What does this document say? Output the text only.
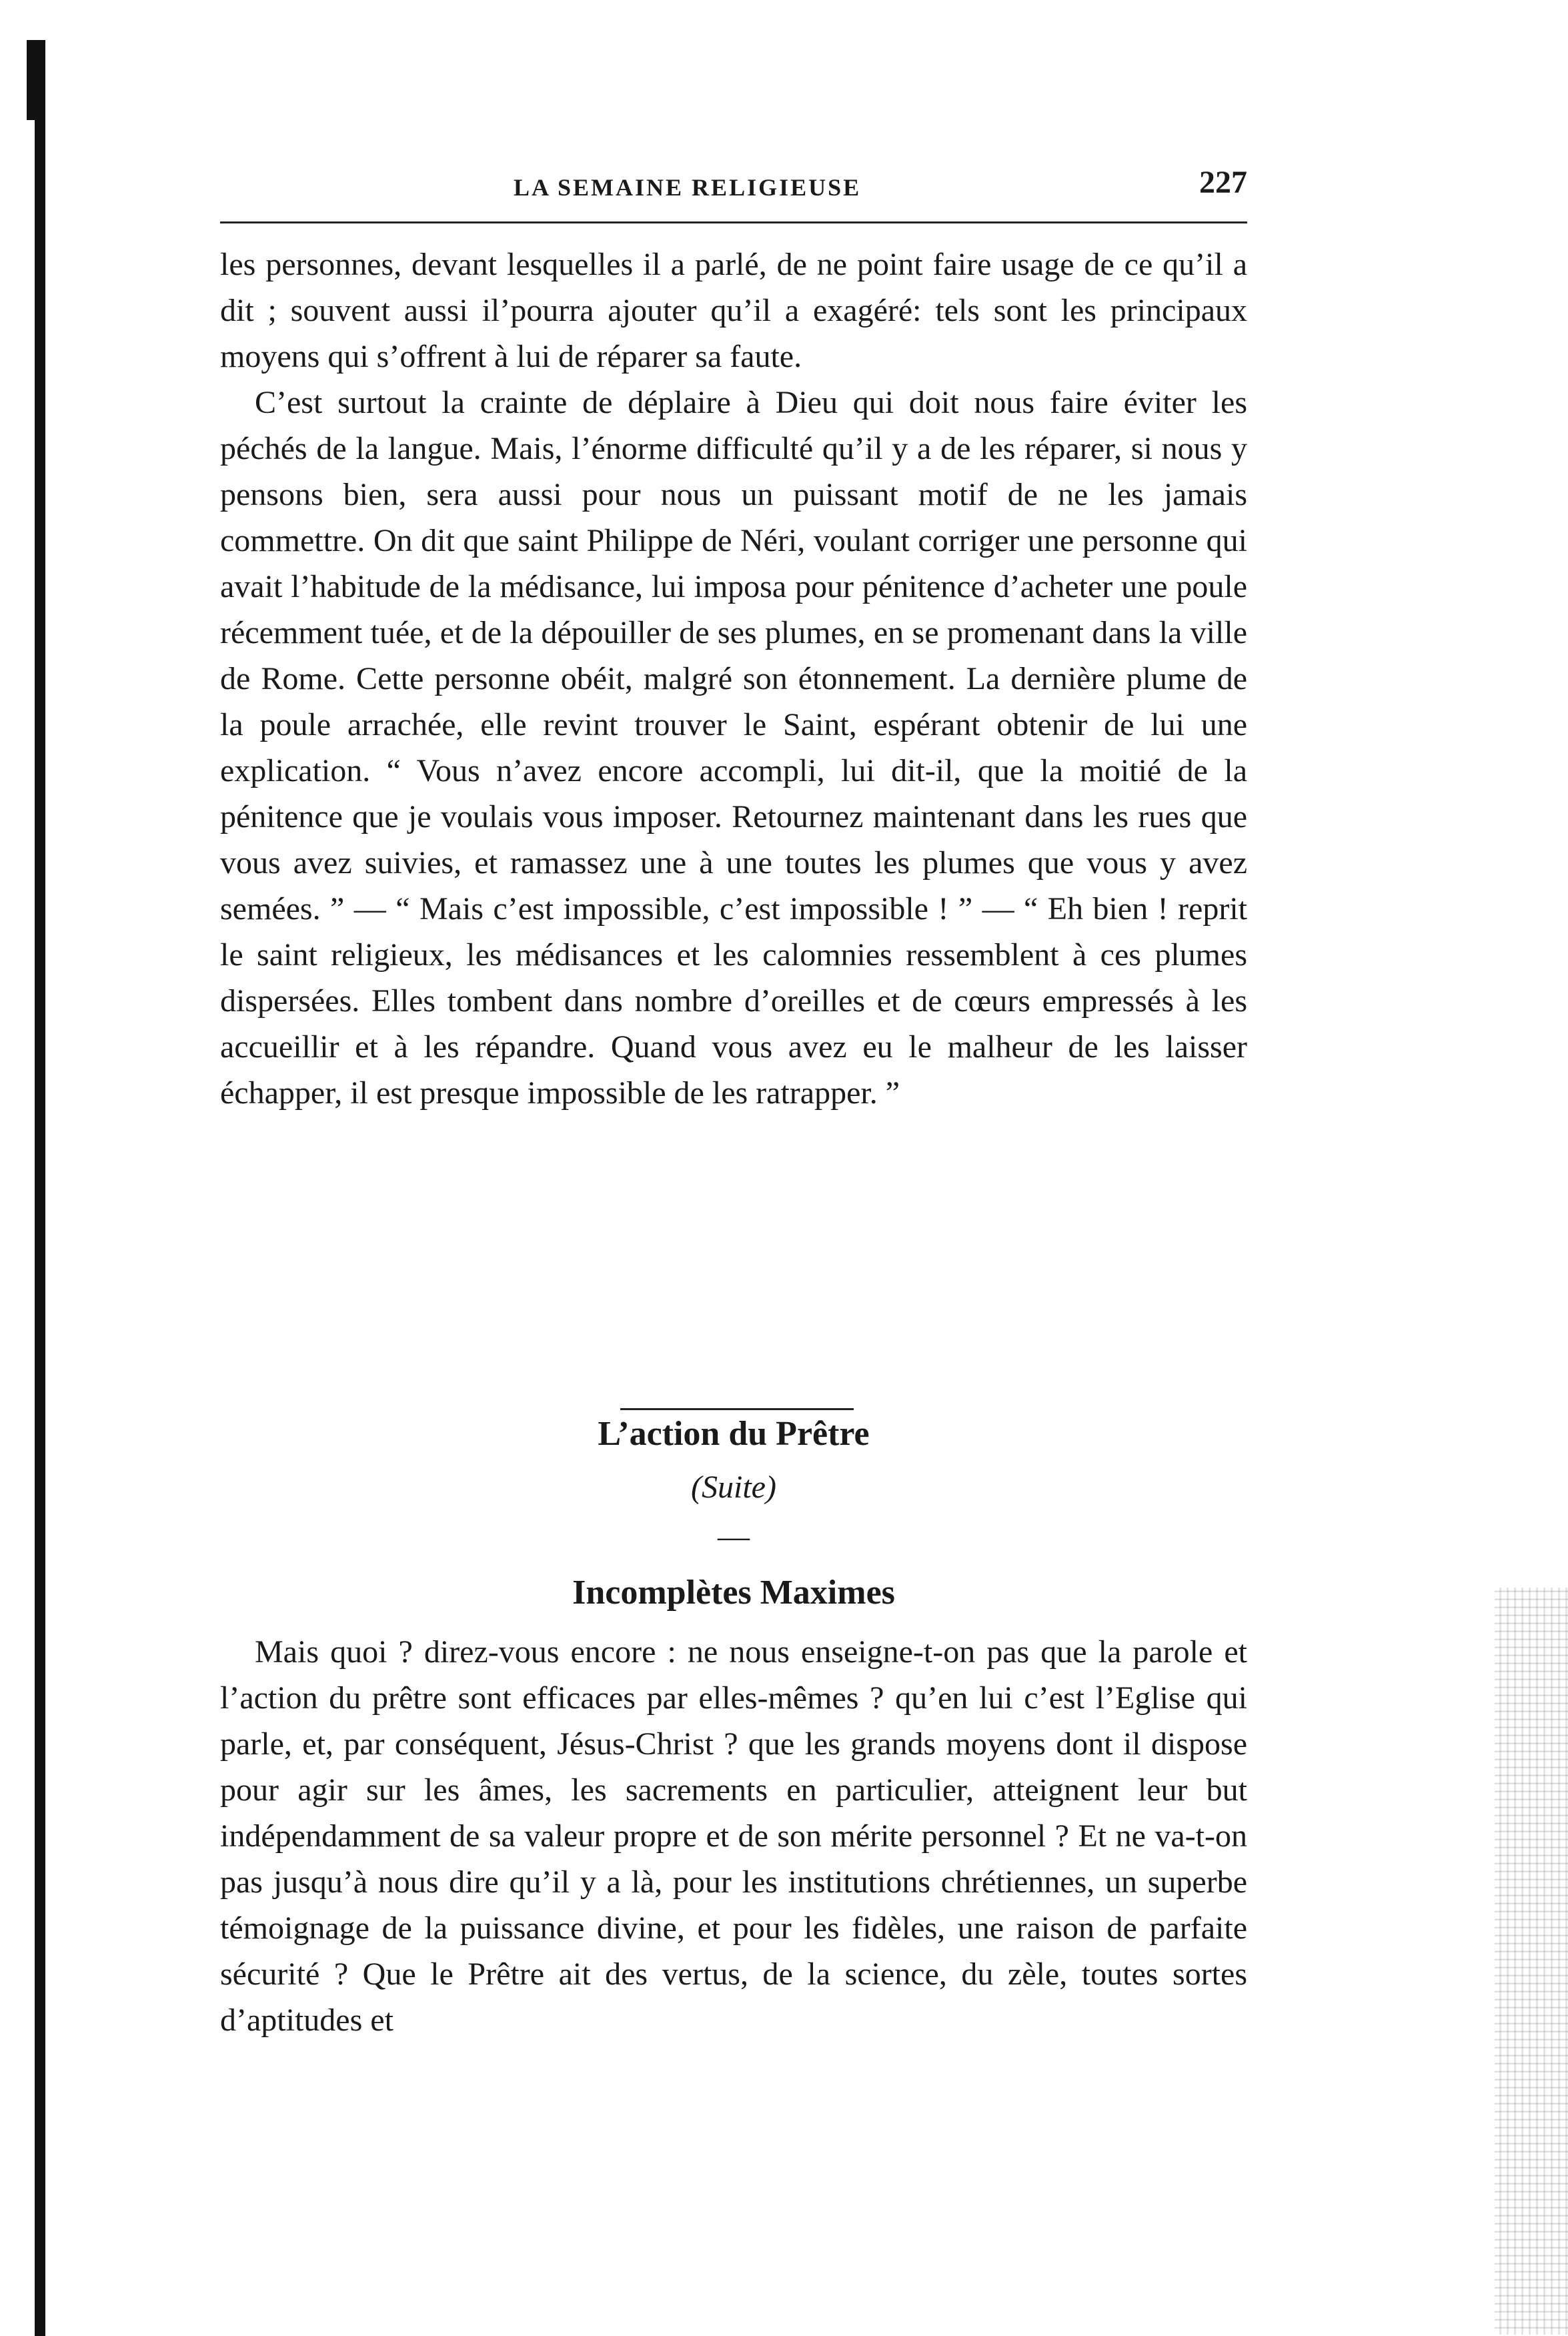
LA SEMAINE RELIGIEUSE	227

les personnes, devant lesquelles il a parlé, de ne point faire usage de ce qu’il a dit ; souvent aussi il’pourra ajouter qu’il a exagéré: tels sont les principaux moyens qui s’offrent à lui de réparer sa faute.

C’est surtout la crainte de déplaire à Dieu qui doit nous faire éviter les péchés de la langue. Mais, l’énorme difficulté qu’il y a de les réparer, si nous y pensons bien, sera aussi pour nous un puissant motif de ne les jamais commettre. On dit que saint Philippe de Néri, voulant corriger une personne qui avait l’habitude de la médisance, lui imposa pour pénitence d’acheter une poule récemment tuée, et de la dépouiller de ses plumes, en se promenant dans la ville de Rome. Cette personne obéit, malgré son étonnement. La dernière plume de la poule arrachée, elle revint trouver le Saint, espérant obtenir de lui une explication. “ Vous n’avez encore accompli, lui dit-il, que la moitié de la pénitence que je voulais vous imposer. Retournez maintenant dans les rues que vous avez suivies, et ramassez une à une toutes les plumes que vous y avez semées. ” — “ Mais c’est impossible, c’est impossible ! ” — “ Eh bien ! reprit le saint religieux, les médisances et les calomnies ressemblent à ces plumes dispersées. Elles tombent dans nombre d’oreilles et de cœurs empressés à les accueillir et à les répandre. Quand vous avez eu le malheur de les laisser échapper, il est presque impossible de les ratrapper. ”

L’action du Prêtre
(Suite)
—
Incomplètes Maximes

Mais quoi ? direz-vous encore : ne nous enseigne-t-on pas que la parole et l’action du prêtre sont efficaces par elles-mêmes ? qu’en lui c’est l’Eglise qui parle, et, par conséquent, Jésus-Christ ? que les grands moyens dont il dispose pour agir sur les âmes, les sacrements en particulier, atteignent leur but indépendamment de sa valeur propre et de son mérite personnel ? Et ne va-t-on pas jusqu’à nous dire qu’il y a là, pour les institutions chrétiennes, un superbe témoignage de la puissance divine, et pour les fidèles, une raison de parfaite sécurité ? Que le Prêtre ait des vertus, de la science, du zèle, toutes sortes d’aptitudes et
